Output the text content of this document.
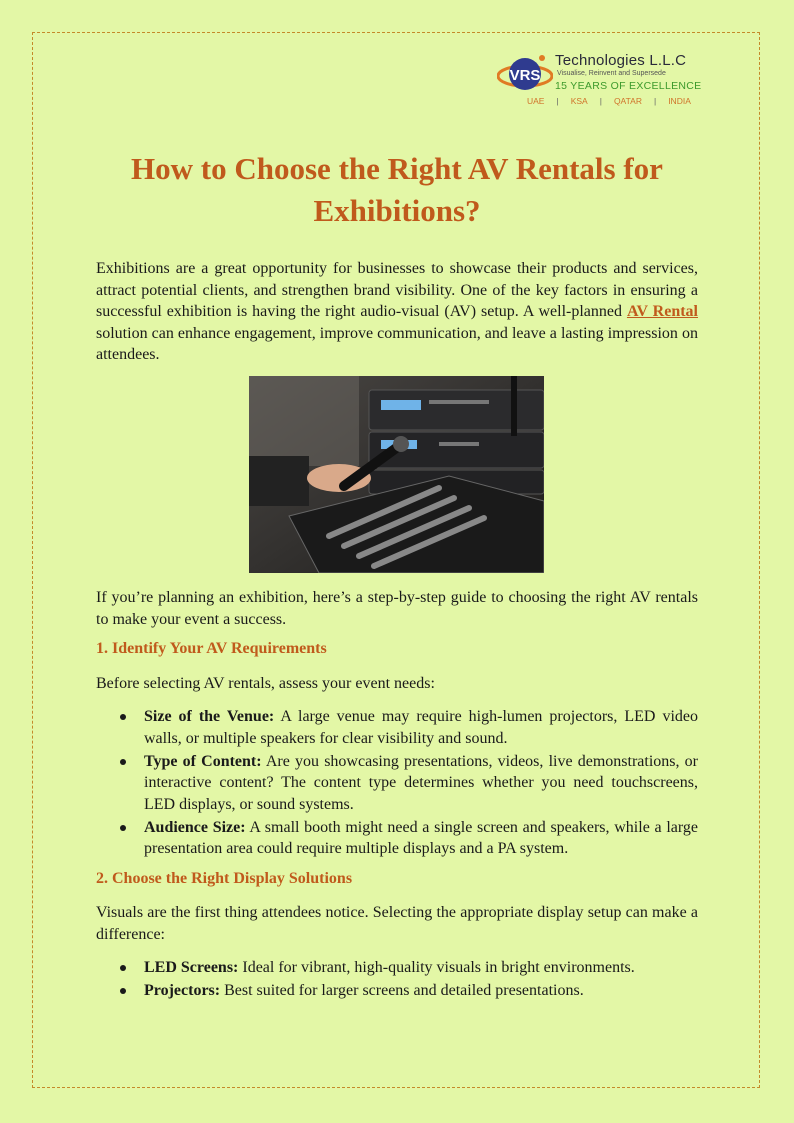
VRS
Technologies L.L.C
Visualise, Reinvent and Supersede
15 YEARS OF EXCELLENCE
UAE	|	KSA	|	QATAR	|	INDIA
How to Choose the Right AV Rentals for Exhibitions?

Exhibitions are a great opportunity for businesses to showcase their products and services, attract potential clients, and strengthen brand visibility. One of the key factors in ensuring a successful exhibition is having the right audio-visual (AV) setup. A well-planned AV Rental solution can enhance engagement, improve communication, and leave a lasting impression on attendees.

If you’re planning an exhibition, here’s a step-by-step guide to choosing the right AV rentals to make your event a success.

1. Identify Your AV Requirements

Before selecting AV rentals, assess your event needs:

Size of the Venue: A large venue may require high-lumen projectors, LED video walls, or multiple speakers for clear visibility and sound.
Type of Content: Are you showcasing presentations, videos, live demonstrations, or interactive content? The content type determines whether you need touchscreens, LED displays, or sound systems.
Audience Size: A small booth might need a single screen and speakers, while a large presentation area could require multiple displays and a PA system.
2. Choose the Right Display Solutions

Visuals are the first thing attendees notice. Selecting the appropriate display setup can make a difference:

LED Screens: Ideal for vibrant, high-quality visuals in bright environments.
Projectors: Best suited for larger screens and detailed presentations.
